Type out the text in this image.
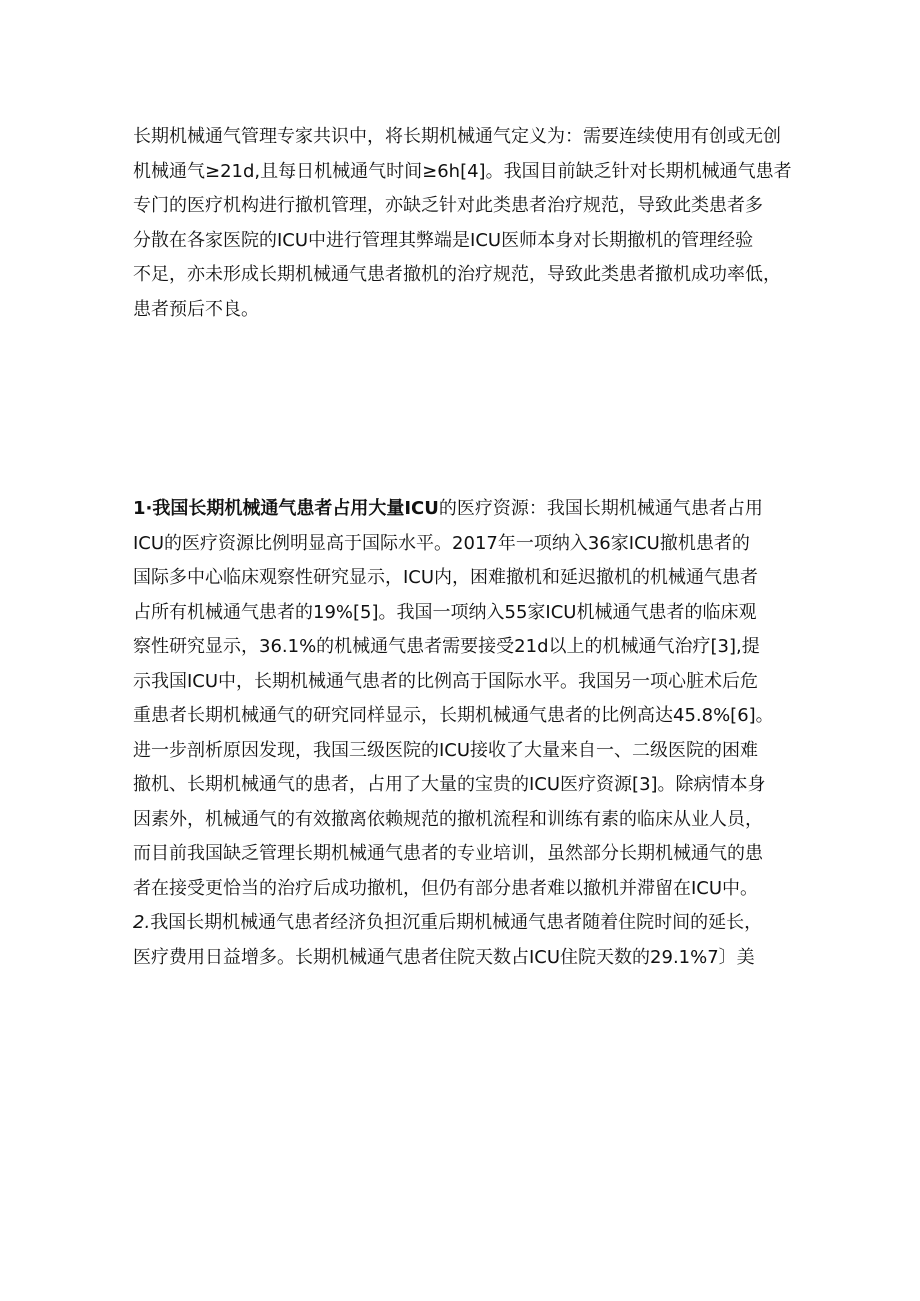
长期机械通气管理专家共识中，将长期机械通气定义为：需要连续使用有创或无创
机械通气≥21d,且每日机械通气时间≥6h[4]。我国目前缺乏针对长期机械通气患者
专门的医疗机构进行撤机管理，亦缺乏针对此类患者治疗规范，导致此类患者多
分散在各家医院的ICU中进行管理其弊端是ICU医师本身对长期撤机的管理经验
不足，亦未形成长期机械通气患者撤机的治疗规范，导致此类患者撤机成功率低，
患者预后不良。
1·我国长期机械通气患者占用大量ICU的医疗资源：我国长期机械通气患者占用
ICU的医疗资源比例明显高于国际水平。2017年一项纳入36家ICU撤机患者的
国际多中心临床观察性研究显示，ICU内，困难撤机和延迟撤机的机械通气患者
占所有机械通气患者的19%[5]。我国一项纳入55家ICU机械通气患者的临床观
察性研究显示，36.1%的机械通气患者需要接受21d以上的机械通气治疗[3],提
示我国ICU中，长期机械通气患者的比例高于国际水平。我国另一项心脏术后危
重患者长期机械通气的研究同样显示，长期机械通气患者的比例高达45.8%[6]。
进一步剖析原因发现，我国三级医院的ICU接收了大量来自一、二级医院的困难
撤机、长期机械通气的患者，占用了大量的宝贵的ICU医疗资源[3]。除病情本身
因素外，机械通气的有效撤离依赖规范的撤机流程和训练有素的临床从业人员，
而目前我国缺乏管理长期机械通气患者的专业培训，虽然部分长期机械通气的患
者在接受更恰当的治疗后成功撤机，但仍有部分患者难以撤机并滞留在ICU中。
2.我国长期机械通气患者经济负担沉重后期机械通气患者随着住院时间的延长，
医疗费用日益增多。长期机械通气患者住院天数占ICU住院天数的29.1%7〕美
